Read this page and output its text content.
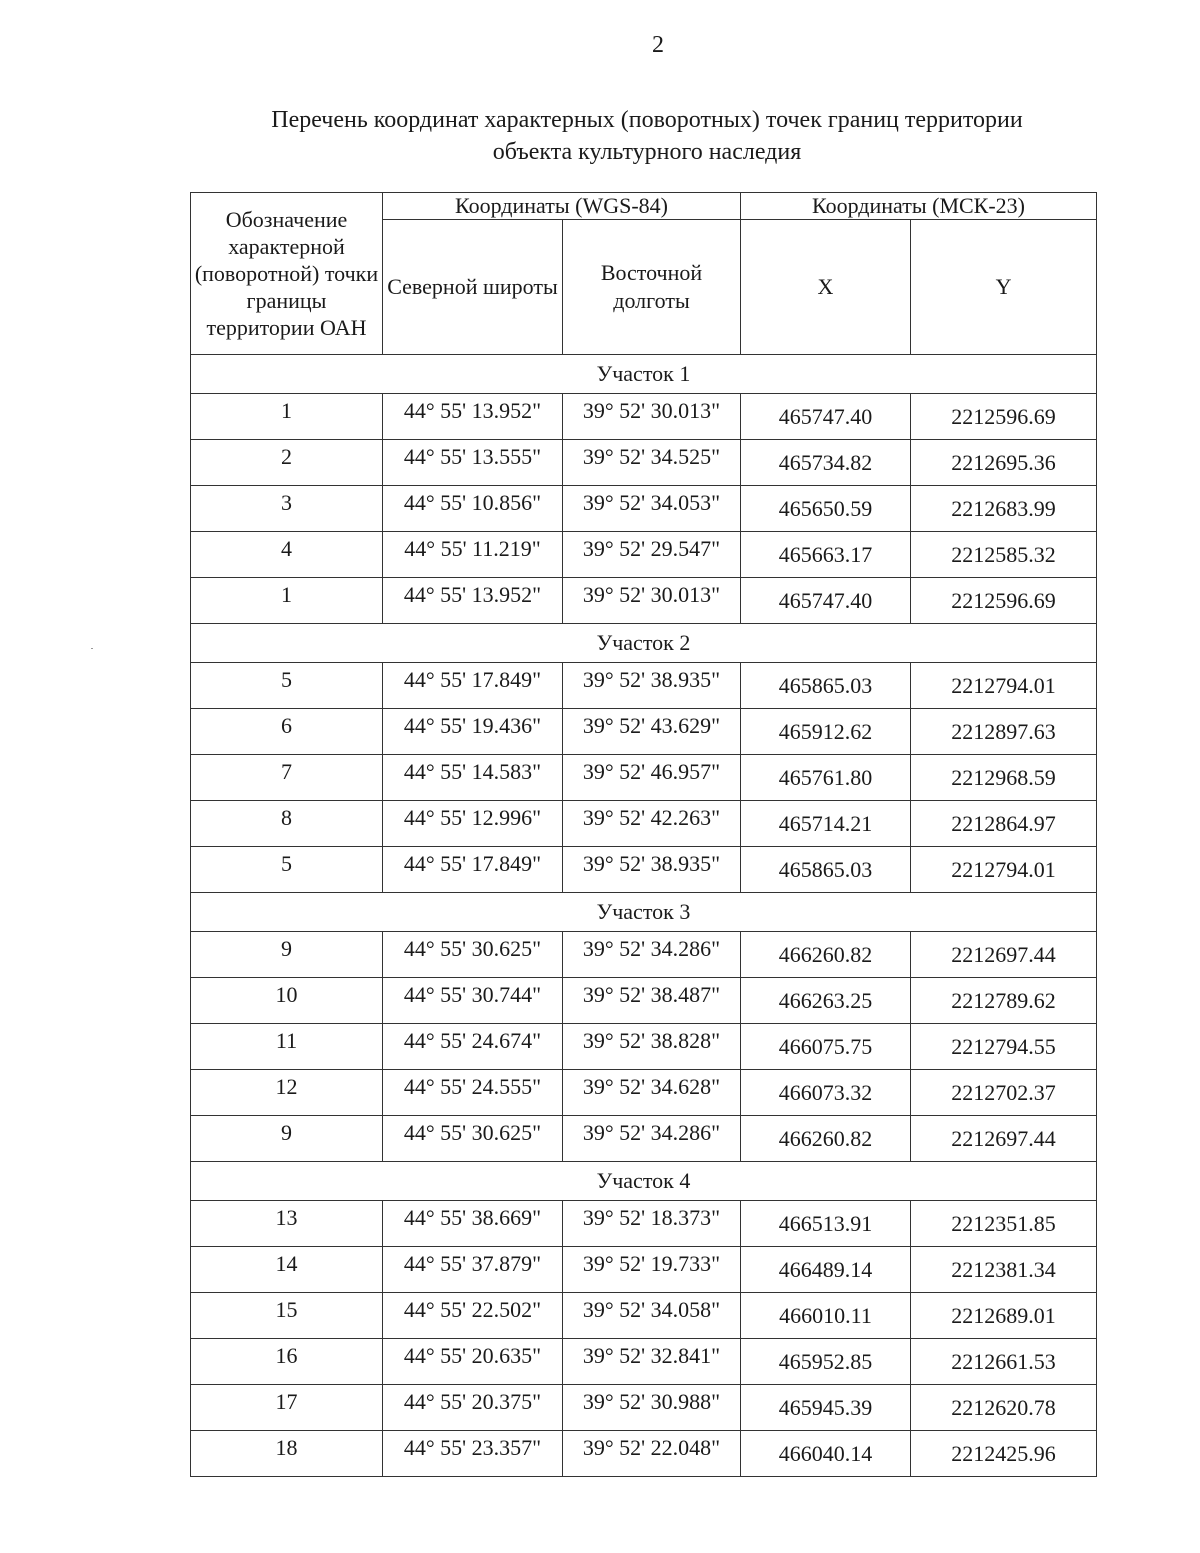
2
Перечень координат характерных (поворотных) точек границ территории
объекта культурного наследия
Обозначение характерной (поворотной) точки границы территории ОАН	Координаты (WGS-84)		Координаты (МСК-23)	
	Северной широты	Восточной долготы	X	Y
Участок 1				
1	44° 55' 13.952"	39° 52' 30.013"	465747.40	2212596.69
2	44° 55' 13.555"	39° 52' 34.525"	465734.82	2212695.36
3	44° 55' 10.856"	39° 52' 34.053"	465650.59	2212683.99
4	44° 55' 11.219"	39° 52' 29.547"	465663.17	2212585.32
1	44° 55' 13.952"	39° 52' 30.013"	465747.40	2212596.69
Участок 2				
5	44° 55' 17.849"	39° 52' 38.935"	465865.03	2212794.01
6	44° 55' 19.436"	39° 52' 43.629"	465912.62	2212897.63
7	44° 55' 14.583"	39° 52' 46.957"	465761.80	2212968.59
8	44° 55' 12.996"	39° 52' 42.263"	465714.21	2212864.97
5	44° 55' 17.849"	39° 52' 38.935"	465865.03	2212794.01
Участок 3				
9	44° 55' 30.625"	39° 52' 34.286"	466260.82	2212697.44
10	44° 55' 30.744"	39° 52' 38.487"	466263.25	2212789.62
11	44° 55' 24.674"	39° 52' 38.828"	466075.75	2212794.55
12	44° 55' 24.555"	39° 52' 34.628"	466073.32	2212702.37
9	44° 55' 30.625"	39° 52' 34.286"	466260.82	2212697.44
Участок 4				
13	44° 55' 38.669"	39° 52' 18.373"	466513.91	2212351.85
14	44° 55' 37.879"	39° 52' 19.733"	466489.14	2212381.34
15	44° 55' 22.502"	39° 52' 34.058"	466010.11	2212689.01
16	44° 55' 20.635"	39° 52' 32.841"	465952.85	2212661.53
17	44° 55' 20.375"	39° 52' 30.988"	465945.39	2212620.78
18	44° 55' 23.357"	39° 52' 22.048"	466040.14	2212425.96
